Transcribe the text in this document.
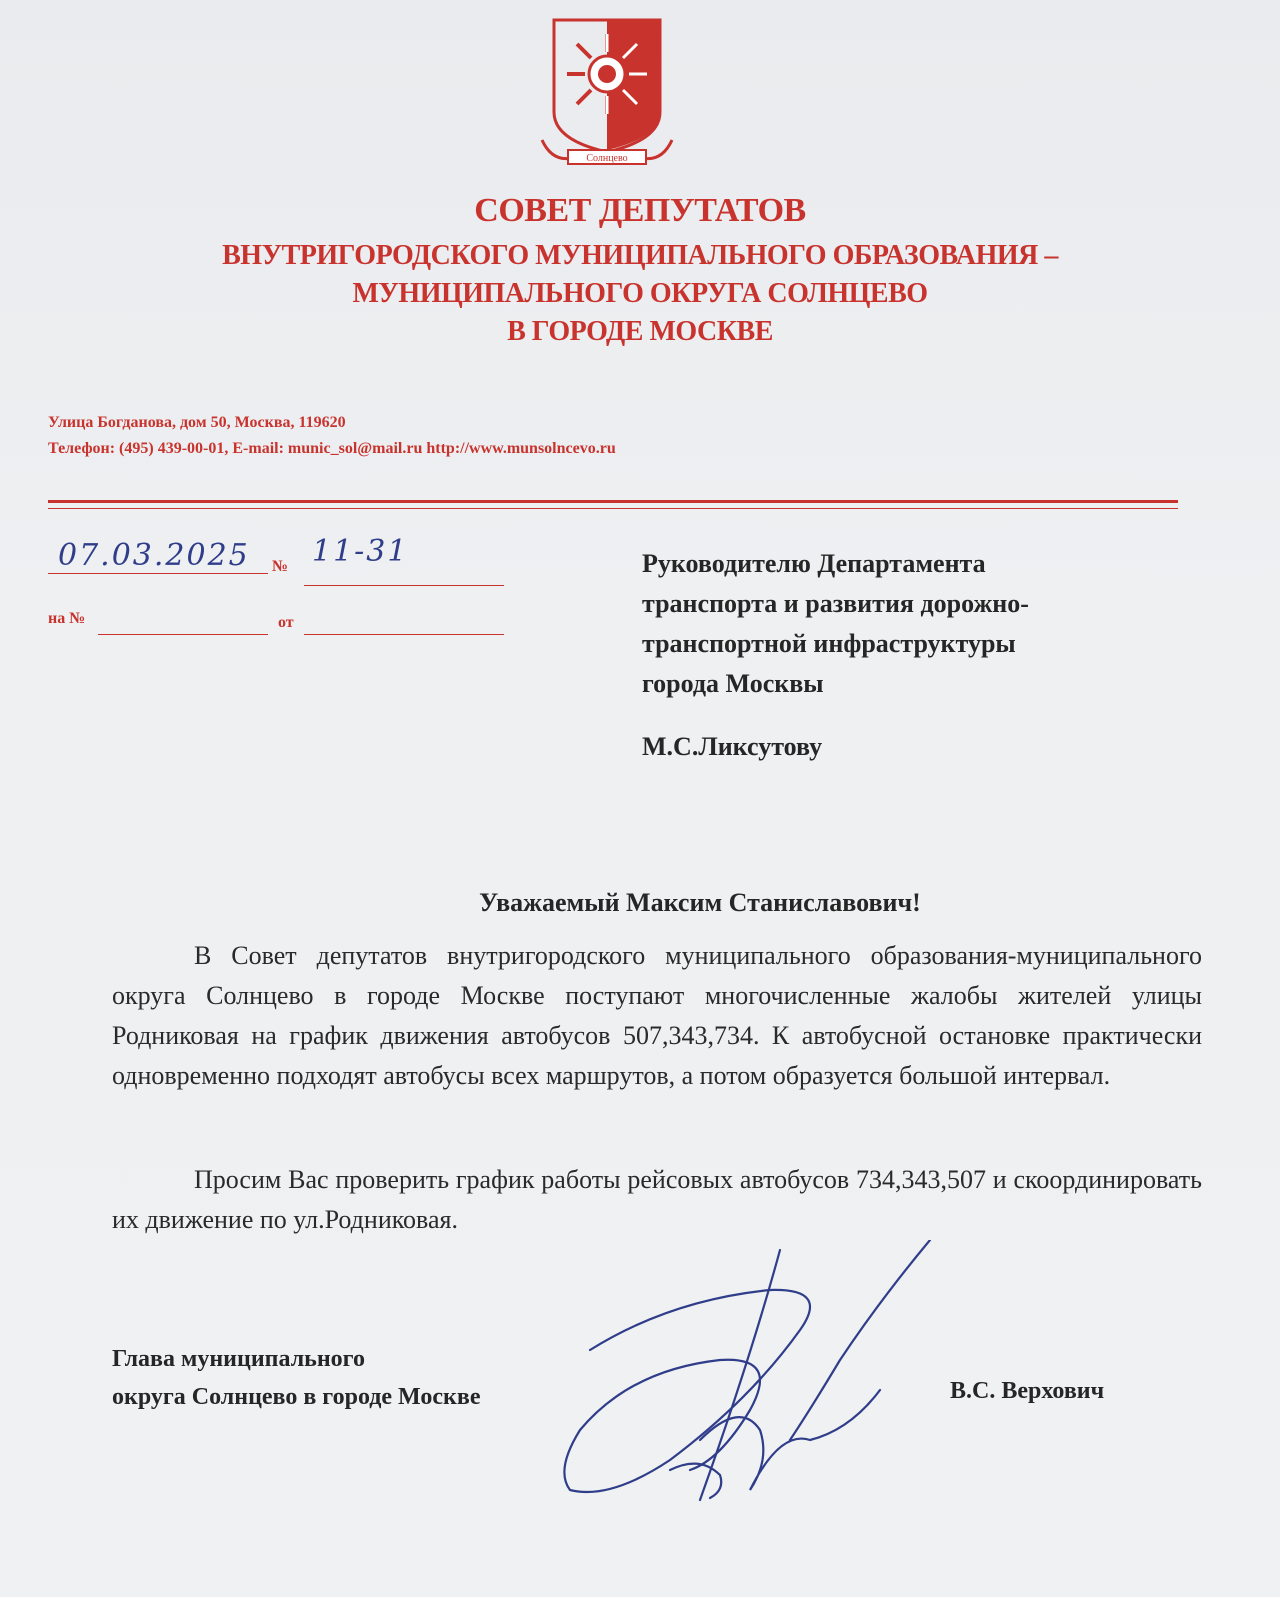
Солнцево
СОВЕТ ДЕПУТАТОВ
ВНУТРИГОРОДСКОГО МУНИЦИПАЛЬНОГО ОБРАЗОВАНИЯ –
МУНИЦИПАЛЬНОГО ОКРУГА СОЛНЦЕВО
В ГОРОДЕ МОСКВЕ
Улица Богданова, дом 50, Москва, 119620
Телефон: (495) 439-00-01, E-mail: munic_sol@mail.ru http://www.munsolncevo.ru
07.03.2025 № 11-31
на №	от
Руководителю Департамента
транспорта и развития дорожно-
транспортной инфраструктуры
города Москвы
М.С.Ликсутову
Уважаемый Максим Станиславович!
В Совет депутатов внутригородского муниципального образования-муниципального округа Солнцево в городе Москве поступают многочисленные жалобы жителей улицы Родниковая на график движения автобусов 507,343,734. К автобусной остановке практически одновременно подходят автобусы всех маршрутов, а потом образуется большой интервал.
Просим Вас проверить график работы рейсовых автобусов 734,343,507 и скоординировать их движение по ул.Родниковая.
Глава муниципального
округа Солнцево в городе Москве	В.С. Верхович
